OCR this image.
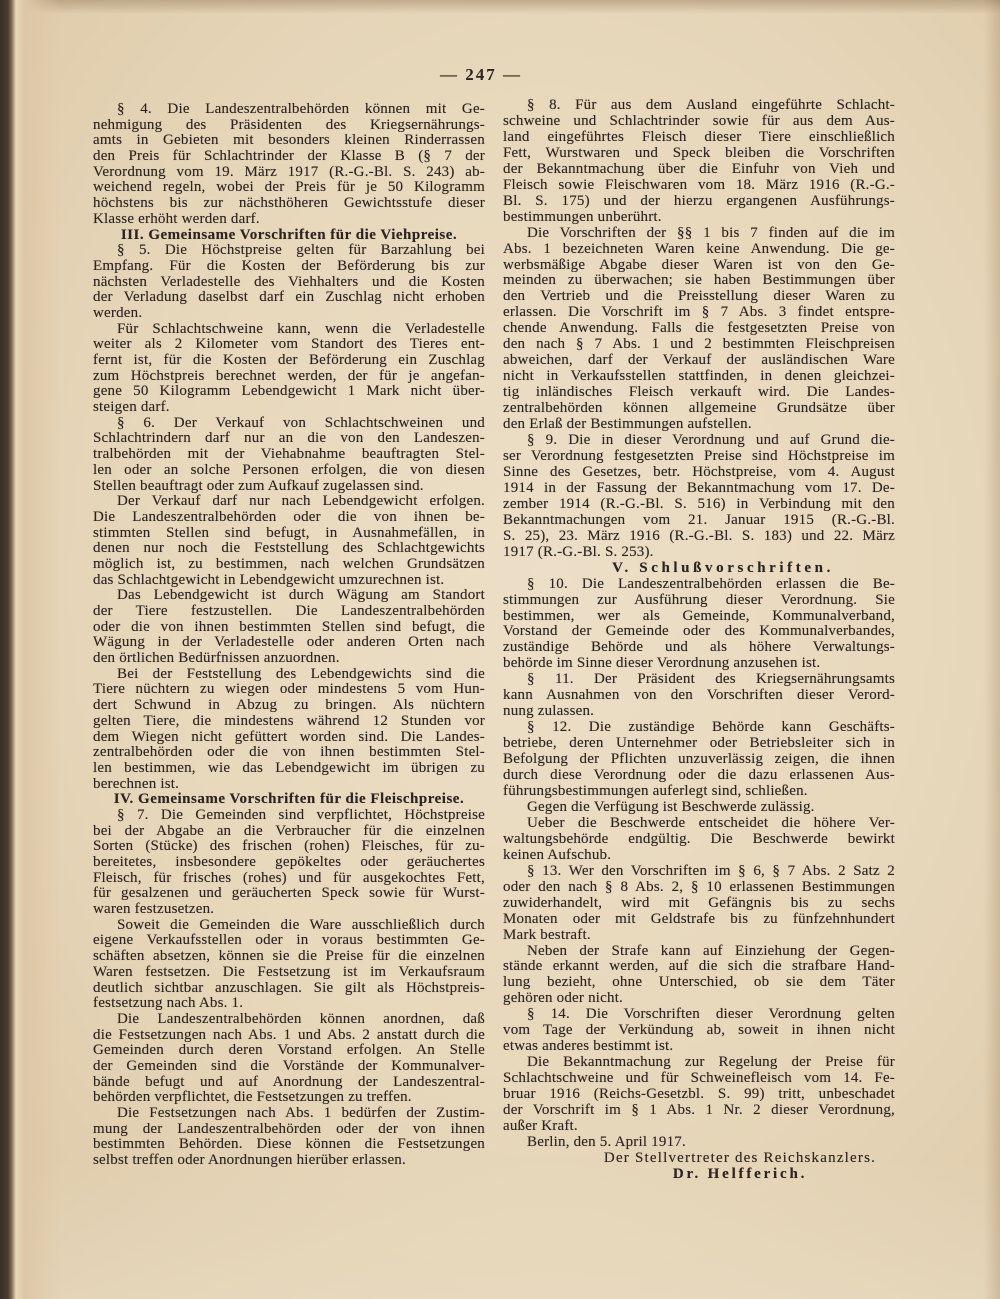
— 247 —
§ 4. Die Landeszentralbehörden können mit Ge-
nehmigung des Präsidenten des Kriegsernährungs-
amts in Gebieten mit besonders kleinen Rinderrassen
den Preis für Schlachtrinder der Klasse B (§ 7 der
Verordnung vom 19. März 1917 (R.-G.-Bl. S. 243) ab-
weichend regeln, wobei der Preis für je 50 Kilogramm
höchstens bis zur nächsthöheren Gewichtsstufe dieser
Klasse erhöht werden darf.
III. Gemeinsame Vorschriften für die Viehpreise.
§ 5. Die Höchstpreise gelten für Barzahlung bei
Empfang. Für die Kosten der Beförderung bis zur
nächsten Verladestelle des Viehhalters und die Kosten
der Verladung daselbst darf ein Zuschlag nicht erhoben
werden.
Für Schlachtschweine kann, wenn die Verladestelle
weiter als 2 Kilometer vom Standort des Tieres ent-
fernt ist, für die Kosten der Beförderung ein Zuschlag
zum Höchstpreis berechnet werden, der für je angefan-
gene 50 Kilogramm Lebendgewicht 1 Mark nicht über-
steigen darf.
§ 6. Der Verkauf von Schlachtschweinen und
Schlachtrindern darf nur an die von den Landeszen-
tralbehörden mit der Viehabnahme beauftragten Stel-
len oder an solche Personen erfolgen, die von diesen
Stellen beauftragt oder zum Aufkauf zugelassen sind.
Der Verkauf darf nur nach Lebendgewicht erfolgen.
Die Landeszentralbehörden oder die von ihnen be-
stimmten Stellen sind befugt, in Ausnahmefällen, in
denen nur noch die Feststellung des Schlachtgewichts
möglich ist, zu bestimmen, nach welchen Grundsätzen
das Schlachtgewicht in Lebendgewicht umzurechnen ist.
Das Lebendgewicht ist durch Wägung am Standort
der Tiere festzustellen. Die Landeszentralbehörden
oder die von ihnen bestimmten Stellen sind befugt, die
Wägung in der Verladestelle oder anderen Orten nach
den örtlichen Bedürfnissen anzuordnen.
Bei der Feststellung des Lebendgewichts sind die
Tiere nüchtern zu wiegen oder mindestens 5 vom Hun-
dert Schwund in Abzug zu bringen. Als nüchtern
gelten Tiere, die mindestens während 12 Stunden vor
dem Wiegen nicht gefüttert worden sind. Die Landes-
zentralbehörden oder die von ihnen bestimmten Stel-
len bestimmen, wie das Lebendgewicht im übrigen zu
berechnen ist.
IV. Gemeinsame Vorschriften für die Fleischpreise.
§ 7. Die Gemeinden sind verpflichtet, Höchstpreise
bei der Abgabe an die Verbraucher für die einzelnen
Sorten (Stücke) des frischen (rohen) Fleisches, für zu-
bereitetes, insbesondere gepökeltes oder geräuchertes
Fleisch, für frisches (rohes) und für ausgekochtes Fett,
für gesalzenen und geräucherten Speck sowie für Wurst-
waren festzusetzen.
Soweit die Gemeinden die Ware ausschließlich durch
eigene Verkaufsstellen oder in voraus bestimmten Ge-
schäften absetzen, können sie die Preise für die einzelnen
Waren festsetzen. Die Festsetzung ist im Verkaufsraum
deutlich sichtbar anzuschlagen. Sie gilt als Höchstpreis-
festsetzung nach Abs. 1.
Die Landeszentralbehörden können anordnen, daß
die Festsetzungen nach Abs. 1 und Abs. 2 anstatt durch die
Gemeinden durch deren Vorstand erfolgen. An Stelle
der Gemeinden sind die Vorstände der Kommunalver-
bände befugt und auf Anordnung der Landeszentral-
behörden verpflichtet, die Festsetzungen zu treffen.
Die Festsetzungen nach Abs. 1 bedürfen der Zustim-
mung der Landeszentralbehörden oder der von ihnen
bestimmten Behörden. Diese können die Festsetzungen
selbst treffen oder Anordnungen hierüber erlassen.
§ 8. Für aus dem Ausland eingeführte Schlacht-
schweine und Schlachtrinder sowie für aus dem Aus-
land eingeführtes Fleisch dieser Tiere einschließlich
Fett, Wurstwaren und Speck bleiben die Vorschriften
der Bekanntmachung über die Einfuhr von Vieh und
Fleisch sowie Fleischwaren vom 18. März 1916 (R.-G.-
Bl. S. 175) und der hierzu ergangenen Ausführungs-
bestimmungen unberührt.
Die Vorschriften der §§ 1 bis 7 finden auf die im
Abs. 1 bezeichneten Waren keine Anwendung. Die ge-
werbsmäßige Abgabe dieser Waren ist von den Ge-
meinden zu überwachen; sie haben Bestimmungen über
den Vertrieb und die Preisstellung dieser Waren zu
erlassen. Die Vorschrift im § 7 Abs. 3 findet entspre-
chende Anwendung. Falls die festgesetzten Preise von
den nach § 7 Abs. 1 und 2 bestimmten Fleischpreisen
abweichen, darf der Verkauf der ausländischen Ware
nicht in Verkaufsstellen stattfinden, in denen gleichzei-
tig inländisches Fleisch verkauft wird. Die Landes-
zentralbehörden können allgemeine Grundsätze über
den Erlaß der Bestimmungen aufstellen.
§ 9. Die in dieser Verordnung und auf Grund die-
ser Verordnung festgesetzten Preise sind Höchstpreise im
Sinne des Gesetzes, betr. Höchstpreise, vom 4. August
1914 in der Fassung der Bekanntmachung vom 17. De-
zember 1914 (R.-G.-Bl. S. 516) in Verbindung mit den
Bekanntmachungen vom 21. Januar 1915 (R.-G.-Bl.
S. 25), 23. März 1916 (R.-G.-Bl. S. 183) und 22. März
1917 (R.-G.-Bl. S. 253).
V. Schlußvorschriften.
§ 10. Die Landeszentralbehörden erlassen die Be-
stimmungen zur Ausführung dieser Verordnung. Sie
bestimmen, wer als Gemeinde, Kommunalverband,
Vorstand der Gemeinde oder des Kommunalverbandes,
zuständige Behörde und als höhere Verwaltungs-
behörde im Sinne dieser Verordnung anzusehen ist.
§ 11. Der Präsident des Kriegsernährungsamts
kann Ausnahmen von den Vorschriften dieser Verord-
nung zulassen.
§ 12. Die zuständige Behörde kann Geschäfts-
betriebe, deren Unternehmer oder Betriebsleiter sich in
Befolgung der Pflichten unzuverlässig zeigen, die ihnen
durch diese Verordnung oder die dazu erlassenen Aus-
führungsbestimmungen auferlegt sind, schließen.
Gegen die Verfügung ist Beschwerde zulässig.
Ueber die Beschwerde entscheidet die höhere Ver-
waltungsbehörde endgültig. Die Beschwerde bewirkt
keinen Aufschub.
§ 13. Wer den Vorschriften im § 6, § 7 Abs. 2 Satz 2
oder den nach § 8 Abs. 2, § 10 erlassenen Bestimmungen
zuwiderhandelt, wird mit Gefängnis bis zu sechs
Monaten oder mit Geldstrafe bis zu fünfzehnhundert
Mark bestraft.
Neben der Strafe kann auf Einziehung der Gegen-
stände erkannt werden, auf die sich die strafbare Hand-
lung bezieht, ohne Unterschied, ob sie dem Täter
gehören oder nicht.
§ 14. Die Vorschriften dieser Verordnung gelten
vom Tage der Verkündung ab, soweit in ihnen nicht
etwas anderes bestimmt ist.
Die Bekanntmachung zur Regelung der Preise für
Schlachtschweine und für Schweinefleisch vom 14. Fe-
bruar 1916 (Reichs-Gesetzbl. S. 99) tritt, unbeschadet
der Vorschrift im § 1 Abs. 1 Nr. 2 dieser Verordnung,
außer Kraft.
Berlin, den 5. April 1917.
Der Stellvertreter des Reichskanzlers.
Dr. Helfferich.
